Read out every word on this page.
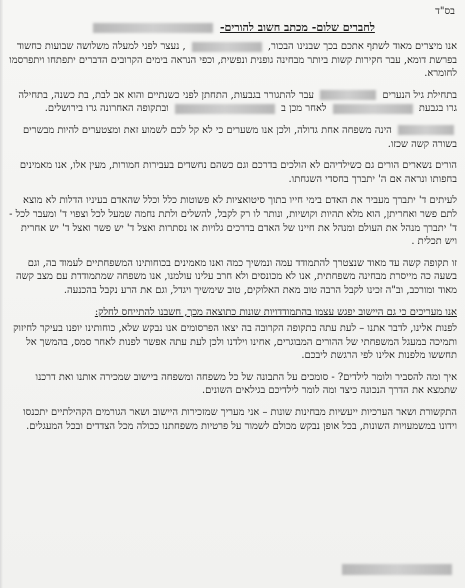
בס"ד
לחברים שלום- מכתב חשוב להורים-
אנו מיצרים מאוד לשתף אתכם בכך שבנינו הבכור,  , נעצר לפני למעלה משלושה שבועות כחשוד בפרשת דומא, עבר חקירות קשות ביותר מבחינה גופנית ונפשית, וכפי הנראה בימים הקרובים הדברים יתפתחו ויתפרסמו לחומרא.
בתחילת גיל הנערים  עבר להתגורר בגבעות, התחתן לפני כשנתיים והוא אב לבת, בת כשנה, בתחילה גרו בגבעת  לאחר מכן ב  ובתקופה האחרונה גרו בירושלים.
הינה משפחה אחת גדולה, ולכן אנו משערים כי לא קל לכם לשמוע זאת ומצטערים להיות מבשרים בשורה קשה שכזו.
הורים נשארים הורים גם כשילדיהם לא הולכים בדרכם וגם כשהם נחשדים בעבירות חמורות, מעין אלו, אנו מאמינים בחפותו ונראה אם ה' יתברך בחסדי השגחתו.
לעיתים ד' יתברך מעביר את האדם בימי חייו בתוך סיטואציות לא פשוטות כלל וכלל שהאדם בעיניו הדלות לא מוצא לתם פשר ואחריתן, הוא מלא תהיות וקושיות, ונותר לו רק לקבל, להשלים ולתת נחמה שמעל לכל וצפוי ד' ומעבר לכל - ד' יתברך מנהל את העולם ומנהל את חיינו של האדם בדרכים גלויות או נסתרות ואצל ד' יש פשר ואצל ד' יש אחרית ויש תכלית .
זו תקופה קשה עד מאוד שנצטרך להתמודד עמה ונמשיך כמה ואנו מאמינים בכוחותינו המשפחתיים לעמוד בה, וגם בשעה כה מייסרת מבחינה משפחתית, אנו לא מכונסים ולא חרב עלינו עולמנו, אנו משפחה שמתמודדת עם מצב קשה מאוד ומורכב, וב"ה זכינו לקבל הרבה טוב מאת האלוקים, טוב שימשיך ויגדל, וגם את הרע נקבל בהכנעה.
אנו מעריכים כי גם היישוב יפגש עצמו בהתמודדויות שונות כתוצאה מכך, חשבנו להתייחס לחלק:
לפנות אלינו, לדבר אתנו – לעת עתה בתקופה הקרובה בה יצאו הפרסומים אנו נבקש שלא, כוחותינו יופנו בעיקר לחיזוק ותמיכה במעגל המשפחתי של ההורים המבוגרים, אחינו וילדנו ולכן לעת עתה אפשר לפנות לאחר סמס, בהמשך אל תחששו מלפנות אלינו לפי הרגשת ליבכם.
איך ומה להסביר ולומר לילדים? - סומכים על התבונה של כל משפחה ומשפחה ביישוב שמכירה אותנו ואת דרכנו שתמצא את הדרך הנכונה כיצד ומה לומר לילדיכם בגילאים השונים.
התקשורת ושאר הערכיות ייעשיות מבחינות שונות – אני מעריך שמזכירות היישוב ושאר הגורמים הקהילתיים יתכנסו וידונו במשמעויות השונות, בכל אופן נבקש מכולם לשמור על פרטיות משפחתנו ככולה מכל הצדדים ובכל המעגלים.
